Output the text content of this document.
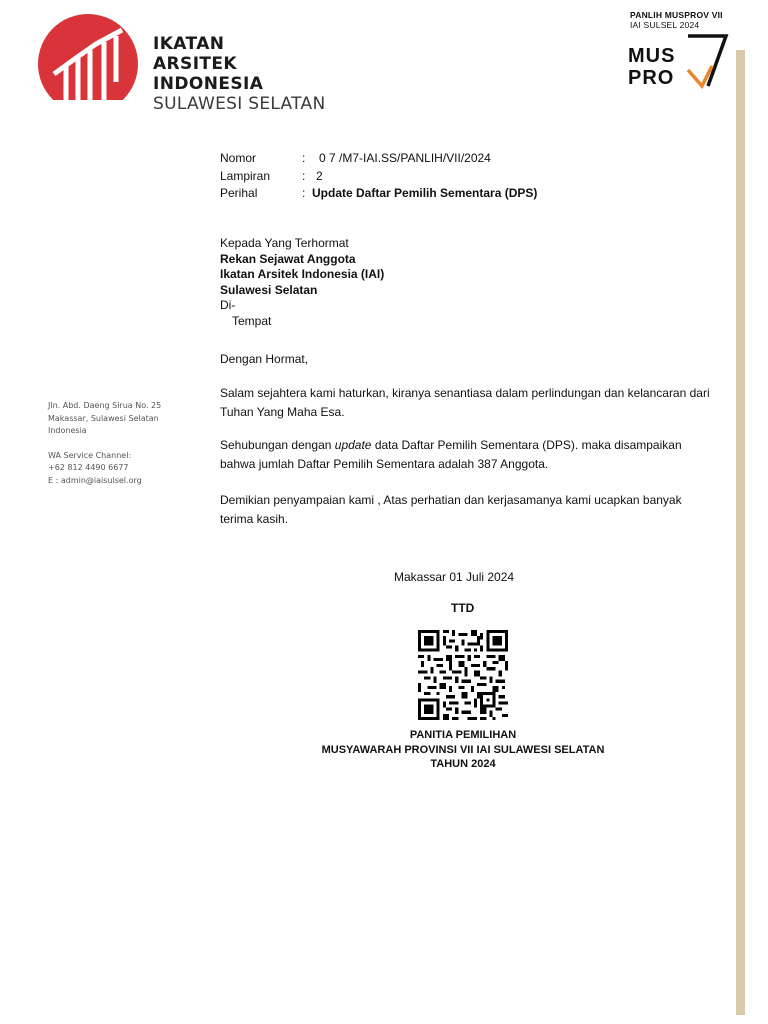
IKATAN
ARSITEK
INDONESIA
SULAWESI SELATAN
PANLIH MUSPROV VII
IAI SULSEL 2024
MUS
PRO
Nomor	:	0 7 /M7-IAI.SS/PANLIH/VII/2024
Lampiran	: 2
Perihal	: Update Daftar Pemilih Sementara (DPS)
Kepada Yang Terhormat
Rekan Sejawat Anggota
Ikatan Arsitek Indonesia (IAI)
Sulawesi Selatan
Di-
Tempat
Dengan Hormat,
Salam sejahtera kami haturkan, kiranya senantiasa dalam perlindungan dan kelancaran dari Tuhan Yang Maha Esa.
Sehubungan dengan update data Daftar Pemilih Sementara (DPS). maka disampaikan bahwa jumlah Daftar Pemilih Sementara adalah 387 Anggota.
Demikian penyampaian kami , Atas perhatian dan kerjasamanya kami ucapkan banyak terima kasih.
Makassar 01 Juli 2024
TTD
PANITIA PEMILIHAN
MUSYAWARAH PROVINSI VII IAI SULAWESI SELATAN
TAHUN 2024
Jln. Abd. Daeng Sirua No. 25
Makassar, Sulawesi Selatan
Indonesia
WA Service Channel:
+62 812 4490 6677
E : admin@iaisulsel.org
